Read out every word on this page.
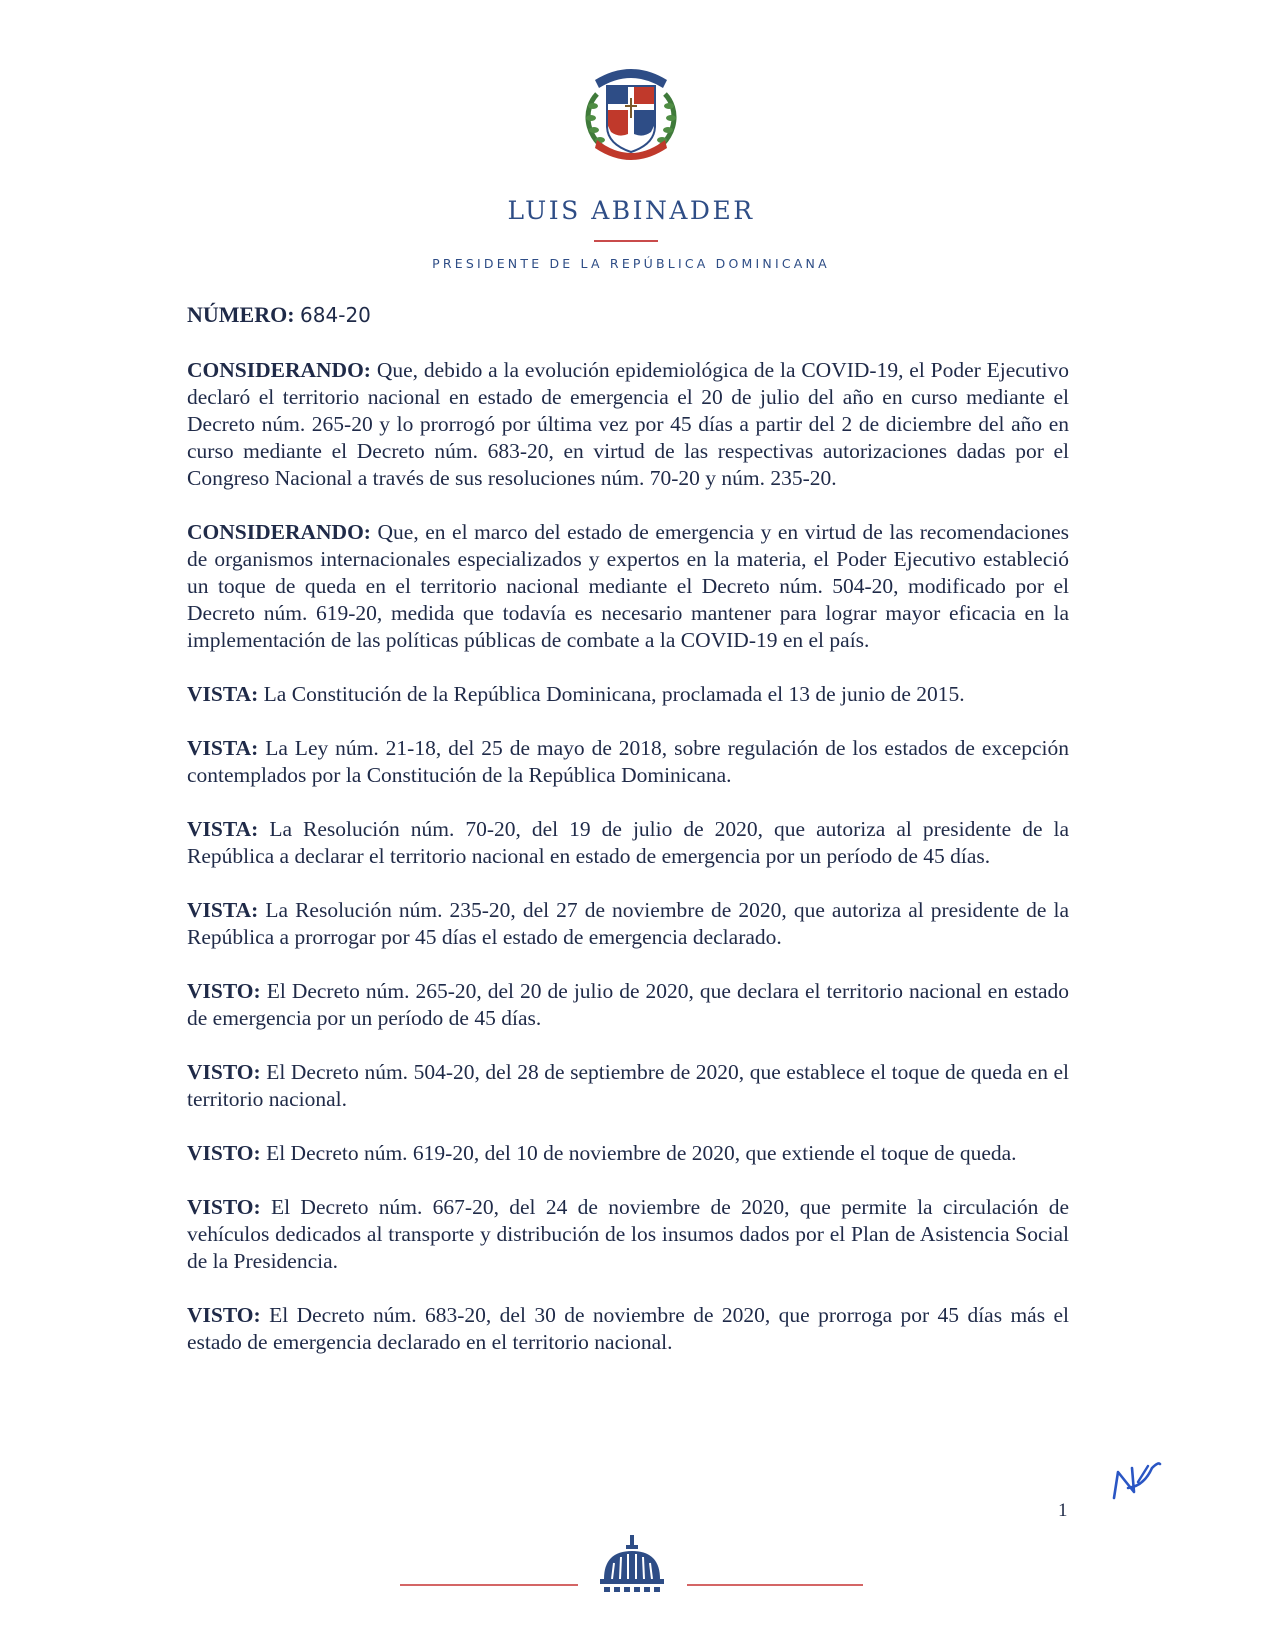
LUIS ABINADER
PRESIDENTE DE LA REPÚBLICA DOMINICANA
NÚMERO: 684-20

CONSIDERANDO: Que, debido a la evolución epidemiológica de la COVID-19, el Poder Ejecutivo declaró el territorio nacional en estado de emergencia el 20 de julio del año en curso mediante el Decreto núm. 265-20 y lo prorrogó por última vez por 45 días a partir del 2 de diciembre del año en curso mediante el Decreto núm. 683-20, en virtud de las respectivas autorizaciones dadas por el Congreso Nacional a través de sus resoluciones núm. 70-20 y núm. 235-20.

CONSIDERANDO: Que, en el marco del estado de emergencia y en virtud de las recomendaciones de organismos internacionales especializados y expertos en la materia, el Poder Ejecutivo estableció un toque de queda en el territorio nacional mediante el Decreto núm. 504-20, modificado por el Decreto núm. 619-20, medida que todavía es necesario mantener para lograr mayor eficacia en la implementación de las políticas públicas de combate a la COVID-19 en el país.

VISTA: La Constitución de la República Dominicana, proclamada el 13 de junio de 2015.

VISTA: La Ley núm. 21-18, del 25 de mayo de 2018, sobre regulación de los estados de excepción contemplados por la Constitución de la República Dominicana.

VISTA: La Resolución núm. 70-20, del 19 de julio de 2020, que autoriza al presidente de la República a declarar el territorio nacional en estado de emergencia por un período de 45 días.

VISTA: La Resolución núm. 235-20, del 27 de noviembre de 2020, que autoriza al presidente de la República a prorrogar por 45 días el estado de emergencia declarado.

VISTO: El Decreto núm. 265-20, del 20 de julio de 2020, que declara el territorio nacional en estado de emergencia por un período de 45 días.

VISTO: El Decreto núm. 504-20, del 28 de septiembre de 2020, que establece el toque de queda en el territorio nacional.

VISTO: El Decreto núm. 619-20, del 10 de noviembre de 2020, que extiende el toque de queda.

VISTO: El Decreto núm. 667-20, del 24 de noviembre de 2020, que permite la circulación de vehículos dedicados al transporte y distribución de los insumos dados por el Plan de Asistencia Social de la Presidencia.

VISTO: El Decreto núm. 683-20, del 30 de noviembre de 2020, que prorroga por 45 días más el estado de emergencia declarado en el territorio nacional.

1
